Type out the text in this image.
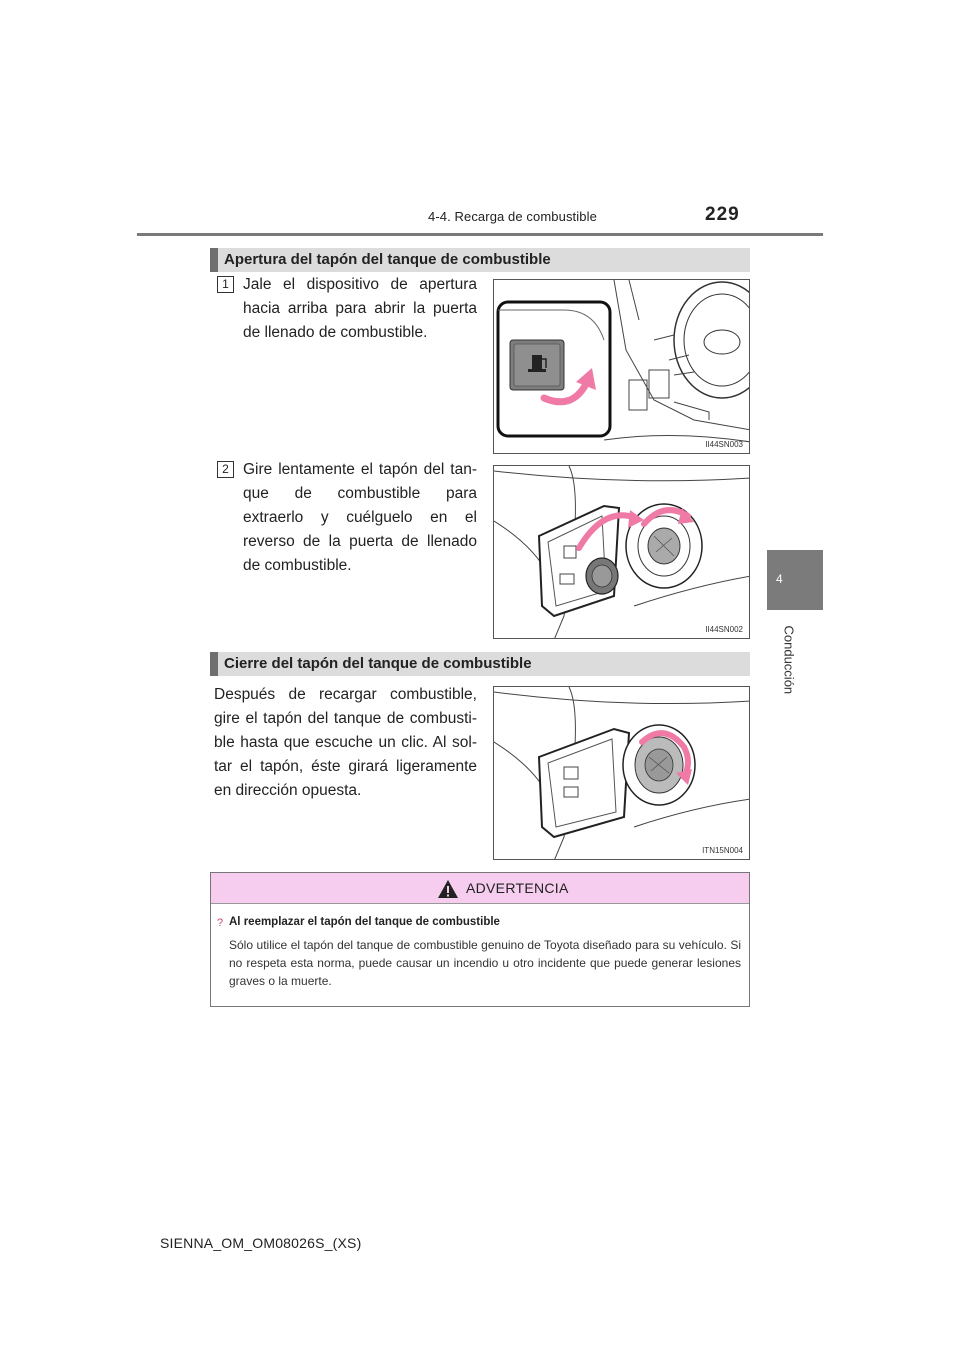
4-4. Recarga de combustible	229
4
Conducción
Apertura del tapón del tanque de combustible
1 Jale el dispositivo de apertura hacia arriba para abrir la puerta de llenado de combustible.
II44SN003
2 Gire lentamente el tapón del tan-que de combustible para extraerlo y cuélguelo en el reverso de la puerta de llenado de combustible.
II44SN002
Cierre del tapón del tanque de combustible
Después de recargar combustible, gire el tapón del tanque de combusti-ble hasta que escuche un clic. Al sol-tar el tapón, éste girará ligeramente en dirección opuesta.
ITN15N004
ADVERTENCIA
? Al reemplazar el tapón del tanque de combustible
Sólo utilice el tapón del tanque de combustible genuino de Toyota diseñado para su vehículo. Si no respeta esta norma, puede causar un incendio u otro incidente que puede generar lesiones graves o la muerte.
SIENNA_OM_OM08026S_(XS)
